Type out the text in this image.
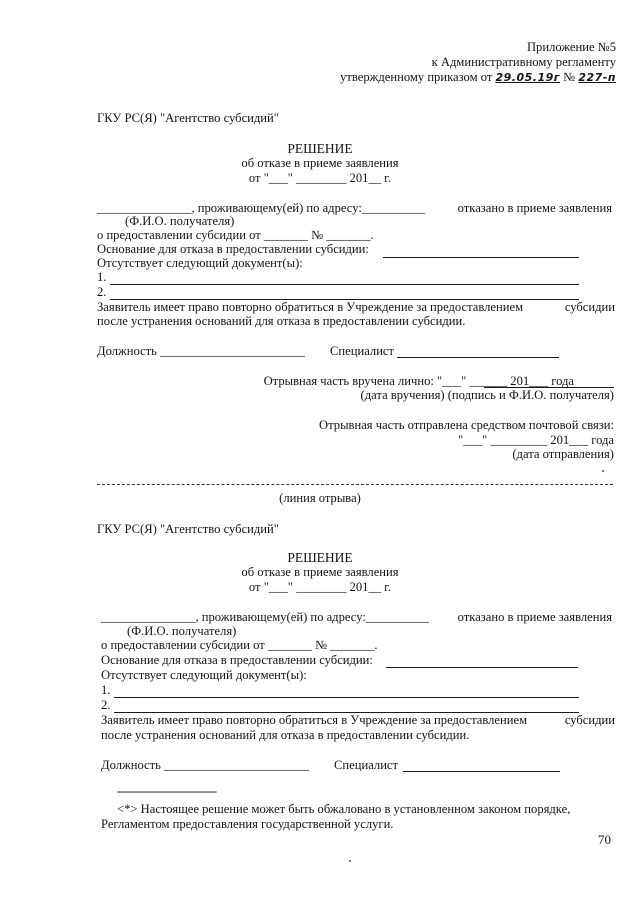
Приложение №5
к Административному регламенту
утвержденному приказом от 29.05.19г № 227-п
ГКУ РС(Я) "Агентство субсидий"
РЕШЕНИЕ
об отказе в приеме заявления
от "___" ________ 201__ г.
_______________, проживающему(ей) по адресу:__________	отказано в приеме заявления
(Ф.И.О. получателя)
о предоставлении субсидии от _______ № _______.
Основание для отказа в предоставлении субсидии:
Отсутствует следующий документ(ы):
1.
2.
Заявитель имеет право повторно обратиться в Учреждение за предоставлением	субсидии
после устранения оснований для отказа в предоставлении субсидии.
Должность _______________________ Специалист
Отрывная часть вручена лично: "___" ______ 201___ года
(дата вручения) (подпись и Ф.И.О. получателя)
Отрывная часть отправлена средством почтовой связи:
"___" _________ 201___ года
(дата отправления)
(линия отрыва)
ГКУ РС(Я) "Агентство субсидий"
РЕШЕНИЕ
об отказе в приеме заявления
от "___" ________ 201__ г.
_______________, проживающему(ей) по адресу:__________ отказано в приеме заявления
(Ф.И.О. получателя)
о предоставлении субсидии от _______ № _______.
Основание для отказа в предоставлении субсидии:
Отсутствует следующий документ(ы):
1.
2.
Заявитель имеет право повторно обратиться в Учреждение за предоставлением	субсидии
после устранения оснований для отказа в предоставлении субсидии.
Должность _______________________ Специалист
-------------------------------
<*> Настоящее решение может быть обжаловано в установленном законом порядке,
Регламентом предоставления государственной услуги.
70
